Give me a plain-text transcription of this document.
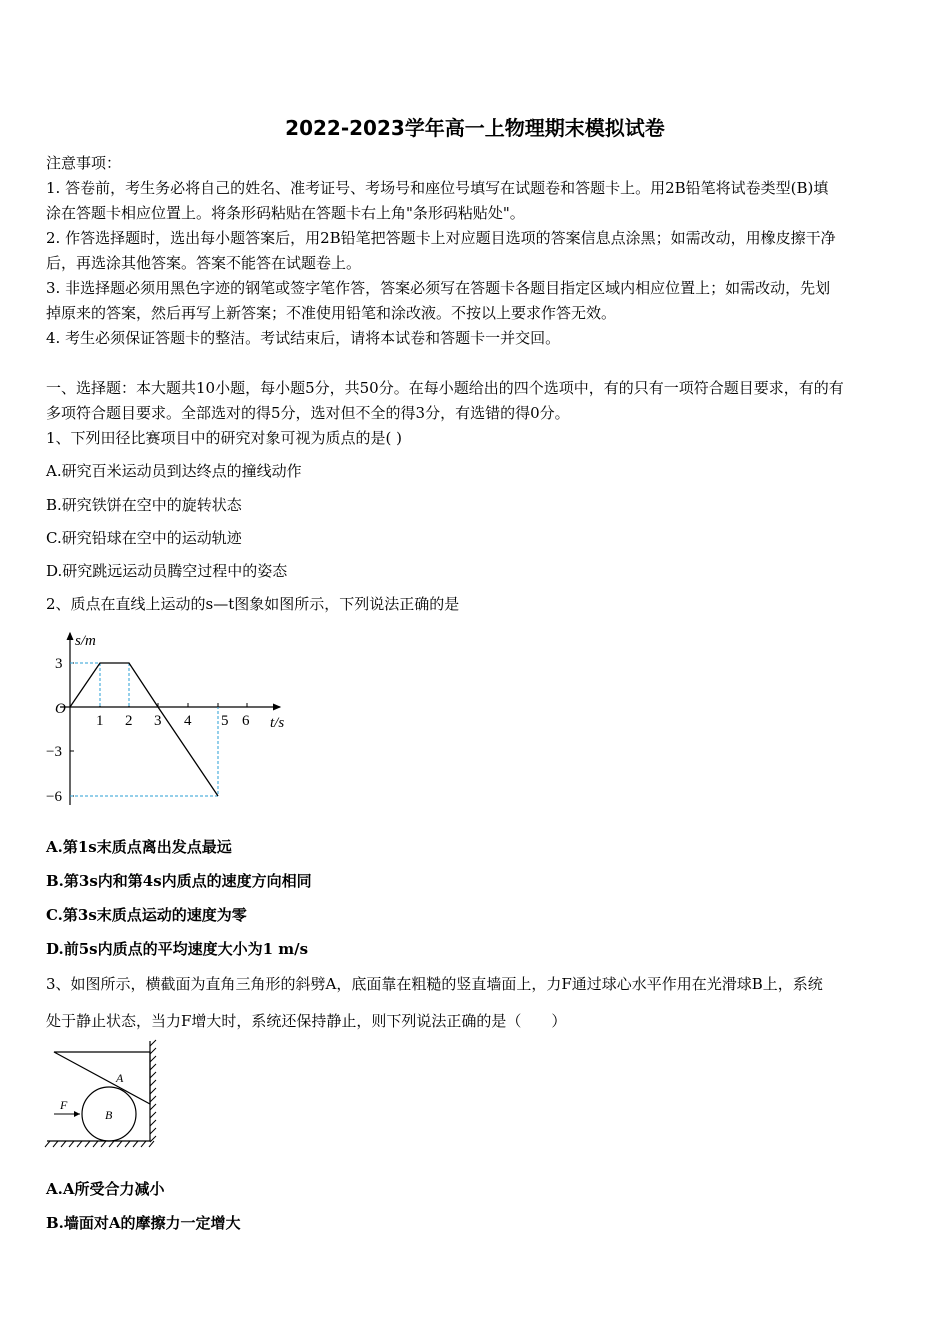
2022-2023学年高一上物理期末模拟试卷
注意事项：
1. 答卷前，考生务必将自己的姓名、准考证号、考场号和座位号填写在试题卷和答题卡上。用2B铅笔将试卷类型(B)填
涂在答题卡相应位置上。将条形码粘贴在答题卡右上角"条形码粘贴处"。
2. 作答选择题时，选出每小题答案后，用2B铅笔把答题卡上对应题目选项的答案信息点涂黑；如需改动，用橡皮擦干净
后，再选涂其他答案。答案不能答在试题卷上。
3. 非选择题必须用黑色字迹的钢笔或签字笔作答，答案必须写在答题卡各题目指定区域内相应位置上；如需改动，先划
掉原来的答案，然后再写上新答案；不准使用铅笔和涂改液。不按以上要求作答无效。
4. 考生必须保证答题卡的整洁。考试结束后，请将本试卷和答题卡一并交回。
一、选择题：本大题共10小题，每小题5分，共50分。在每小题给出的四个选项中，有的只有一项符合题目要求，有的有
多项符合题目要求。全部选对的得5分，选对但不全的得3分，有选错的得0分。
1、下列田径比赛项目中的研究对象可视为质点的是( )
A.研究百米运动员到达终点的撞线动作
B.研究铁饼在空中的旋转状态
C.研究铅球在空中的运动轨迹
D.研究跳远运动员腾空过程中的姿态
2、质点在直线上运动的s—t图象如图所示，下列说法正确的是
s/m
t/s
O
1 2 3 4 5 6
3
−3
−6
A.第1s末质点离出发点最远
B.第3s内和第4s内质点的速度方向相同
C.第3s末质点运动的速度为零
D.前5s内质点的平均速度大小为1 m/s
3、如图所示，横截面为直角三角形的斜劈A，底面靠在粗糙的竖直墙面上，力F通过球心水平作用在光滑球B上，系统
处于静止状态，当力F增大时，系统还保持静止，则下列说法正确的是（　　）
A
B
F
A.A所受合力减小
B.墙面对A的摩擦力一定增大
